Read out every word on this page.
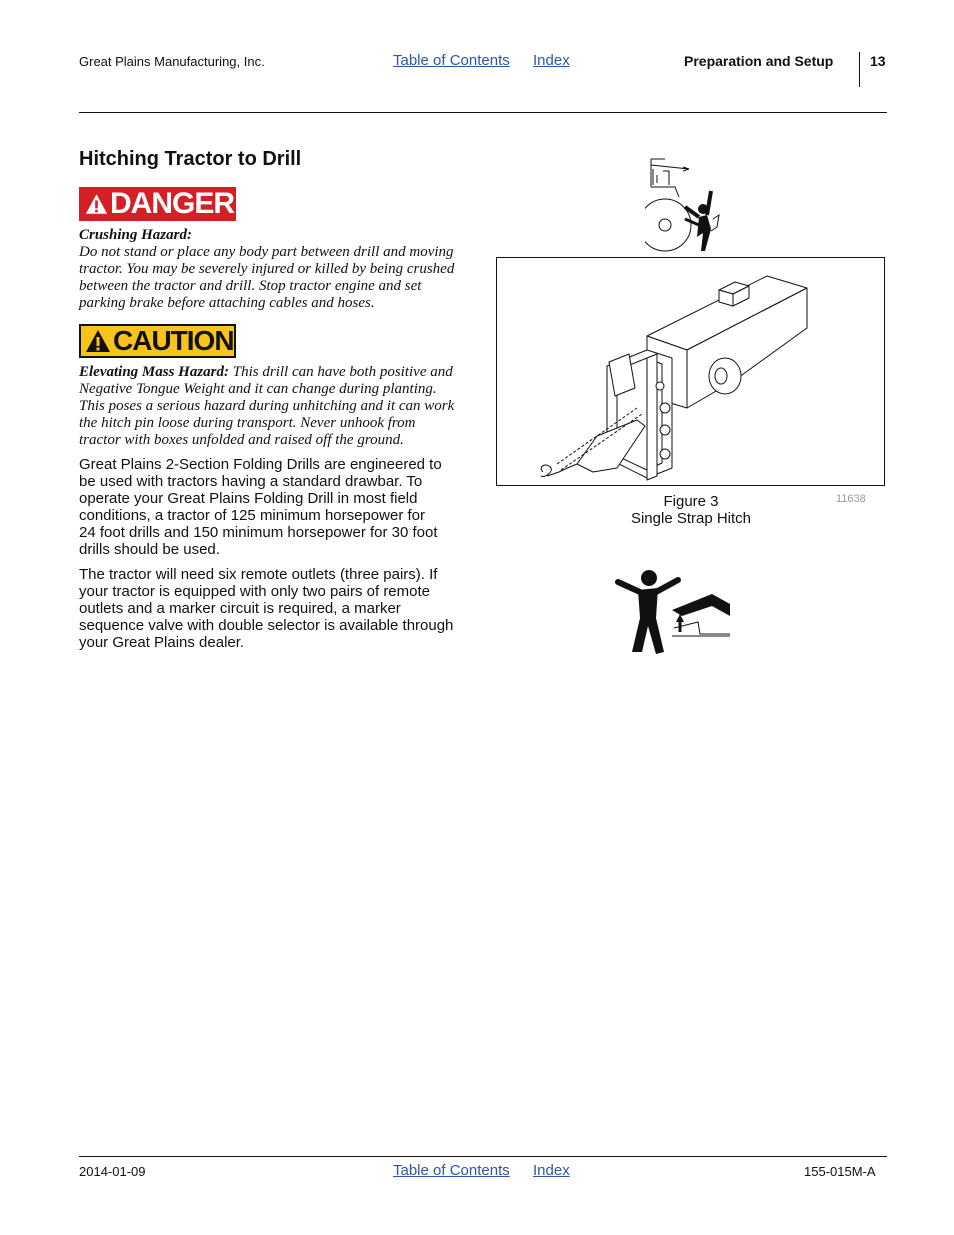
Great Plains Manufacturing, Inc.	Table of Contents Index	Preparation and Setup	13
Hitching Tractor to Drill
DANGER
Crushing Hazard:
Do not stand or place any body part between drill and moving
tractor. You may be severely injured or killed by being crushed
between the tractor and drill. Stop tractor engine and set
parking brake before attaching cables and hoses.
CAUTION
Elevating Mass Hazard: This drill can have both positive and
Negative Tongue Weight and it can change during planting.
This poses a serious hazard during unhitching and it can work
the hitch pin loose during transport. Never unhook from
tractor with boxes unfolded and raised off the ground.
Great Plains 2-Section Folding Drills are engineered to
be used with tractors having a standard drawbar. To
operate your Great Plains Folding Drill in most field
conditions, a tractor of 125 minimum horsepower for
24 foot drills and 150 minimum horsepower for 30 foot
drills should be used.
The tractor will need six remote outlets (three pairs). If
your tractor is equipped with only two pairs of remote
outlets and a marker circuit is required, a marker
sequence valve with double selector is available through
your Great Plains dealer.
Figure 3
Single Strap Hitch
11638
2014-01-09	Table of Contents Index	155-015M-A
